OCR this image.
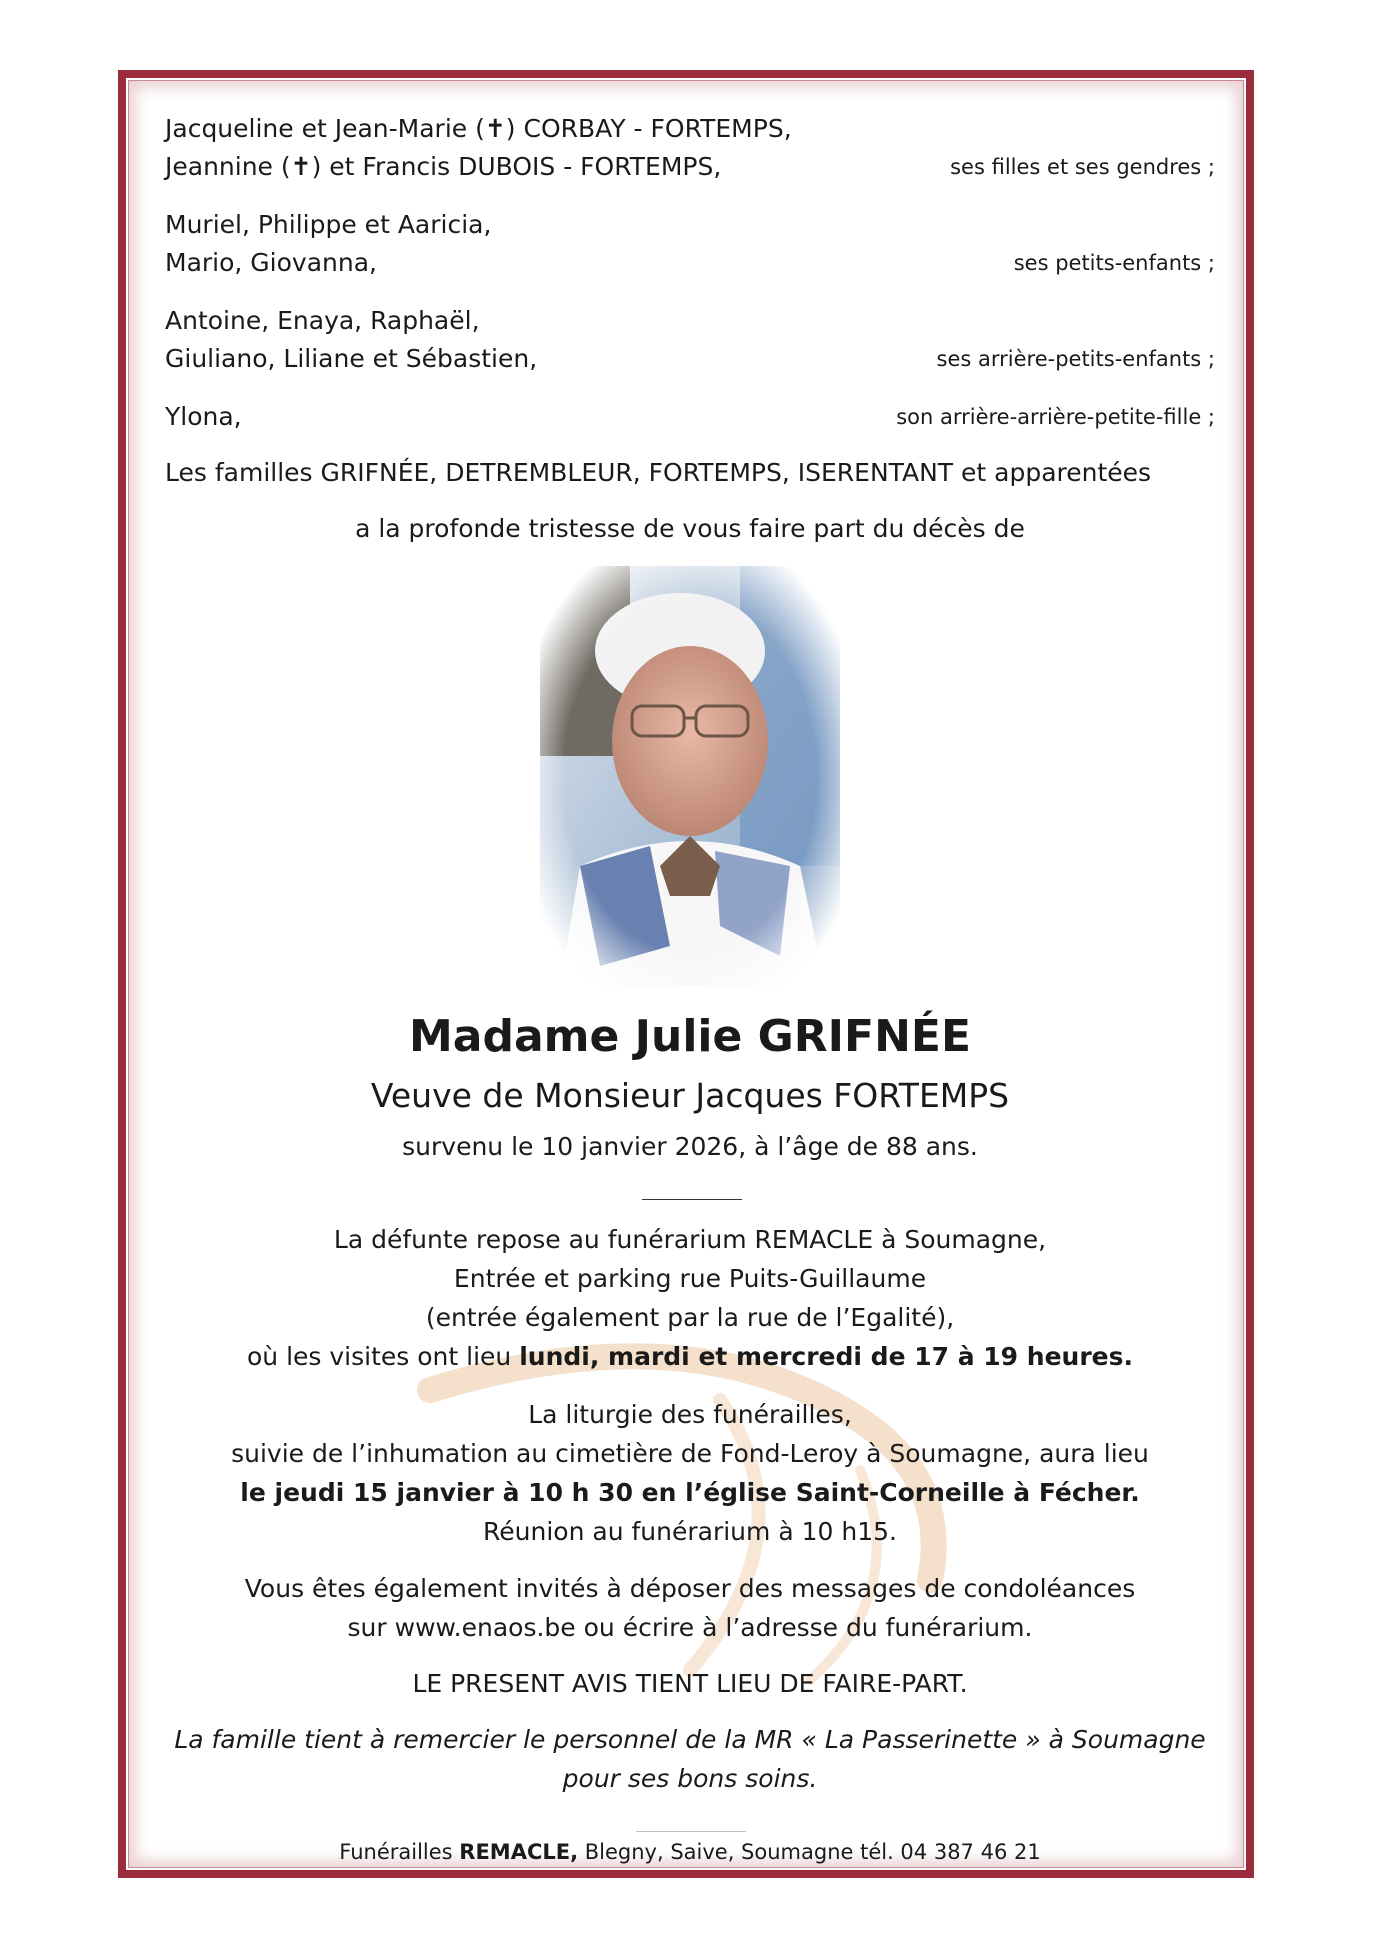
Jacqueline et Jean-Marie (✝) CORBAY - FORTEMPS,
Jeannine (✝) et Francis DUBOIS - FORTEMPS,	ses filles et ses gendres ;
Muriel, Philippe et Aaricia,
Mario, Giovanna,	ses petits-enfants ;
Antoine, Enaya, Raphaël,
Giuliano, Liliane et Sébastien,	ses arrière-petits-enfants ;
Ylona,	son arrière-arrière-petite-fille ;
Les familles GRIFNÉE, DETREMBLEUR, FORTEMPS, ISERENTANT et apparentées
a la profonde tristesse de vous faire part du décès de
Madame Julie GRIFNÉE
Veuve de Monsieur Jacques FORTEMPS
survenu le 10 janvier 2026, à l’âge de 88 ans.
La défunte repose au funérarium REMACLE à Soumagne,
Entrée et parking rue Puits-Guillaume
(entrée également par la rue de l’Egalité),
où les visites ont lieu lundi, mardi et mercredi de 17 à 19 heures.
La liturgie des funérailles,
suivie de l’inhumation au cimetière de Fond-Leroy à Soumagne, aura lieu
le jeudi 15 janvier à 10 h 30 en l’église Saint-Corneille à Fécher.
Réunion au funérarium à 10 h15.
Vous êtes également invités à déposer des messages de condoléances
sur www.enaos.be ou écrire à l’adresse du funérarium.
LE PRESENT AVIS TIENT LIEU DE FAIRE-PART.
La famille tient à remercier le personnel de la MR « La Passerinette » à Soumagne
pour ses bons soins.
Funérailles REMACLE, Blegny, Saive, Soumagne tél. 04 387 46 21
